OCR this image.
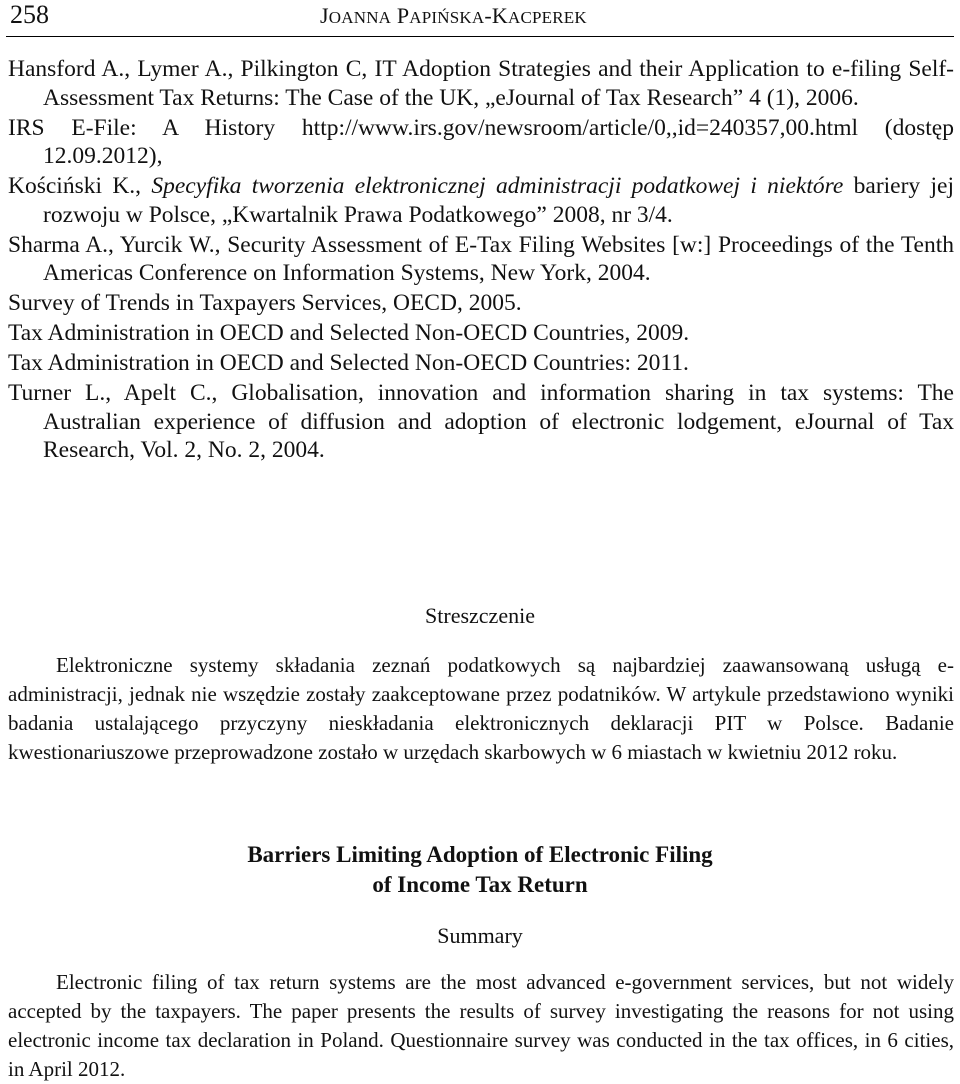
258	JOANNA PAPIŃSKA-KACPEREK

Hansford A., Lymer A., Pilkington C, IT Adoption Strategies and their Application to e-filing Self-Assessment Tax Returns: The Case of the UK, „eJournal of Tax Research” 4 (1), 2006.

IRS E-File: A History http://www.irs.gov/newsroom/article/0,,id=240357,00.html (dostęp 12.09.2012),

Kościński K., Specyfika tworzenia elektronicznej administracji podatkowej i niektóre bariery jej rozwoju w Polsce, „Kwartalnik Prawa Podatkowego” 2008, nr 3/4.

Sharma A., Yurcik W., Security Assessment of E-Tax Filing Websites [w:] Proceedings of the Tenth Americas Conference on Information Systems, New York, 2004.

Survey of Trends in Taxpayers Services, OECD, 2005.

Tax Administration in OECD and Selected Non-OECD Countries, 2009.

Tax Administration in OECD and Selected Non-OECD Countries: 2011.

Turner L., Apelt C., Globalisation, innovation and information sharing in tax systems: The Australian experience of diffusion and adoption of electronic lodgement, eJournal of Tax Research, Vol. 2, No. 2, 2004.

Streszczenie

Elektroniczne systemy składania zeznań podatkowych są najbardziej zaawansowaną usługą e-administracji, jednak nie wszędzie zostały zaakceptowane przez podatników. W artykule przedstawiono wyniki badania ustalającego przyczyny nieskładania elektronicznych deklaracji PIT w Polsce. Badanie kwestionariuszowe przeprowadzone zostało w urzędach skarbowych w 6 miastach w kwietniu 2012 roku.

Barriers Limiting Adoption of Electronic Filing
of Income Tax Return
Summary

Electronic filing of tax return systems are the most advanced e-government services, but not widely accepted by the taxpayers. The paper presents the results of survey investigating the reasons for not using electronic income tax declaration in Poland. Questionnaire survey was conducted in the tax offices, in 6 cities, in April 2012.
